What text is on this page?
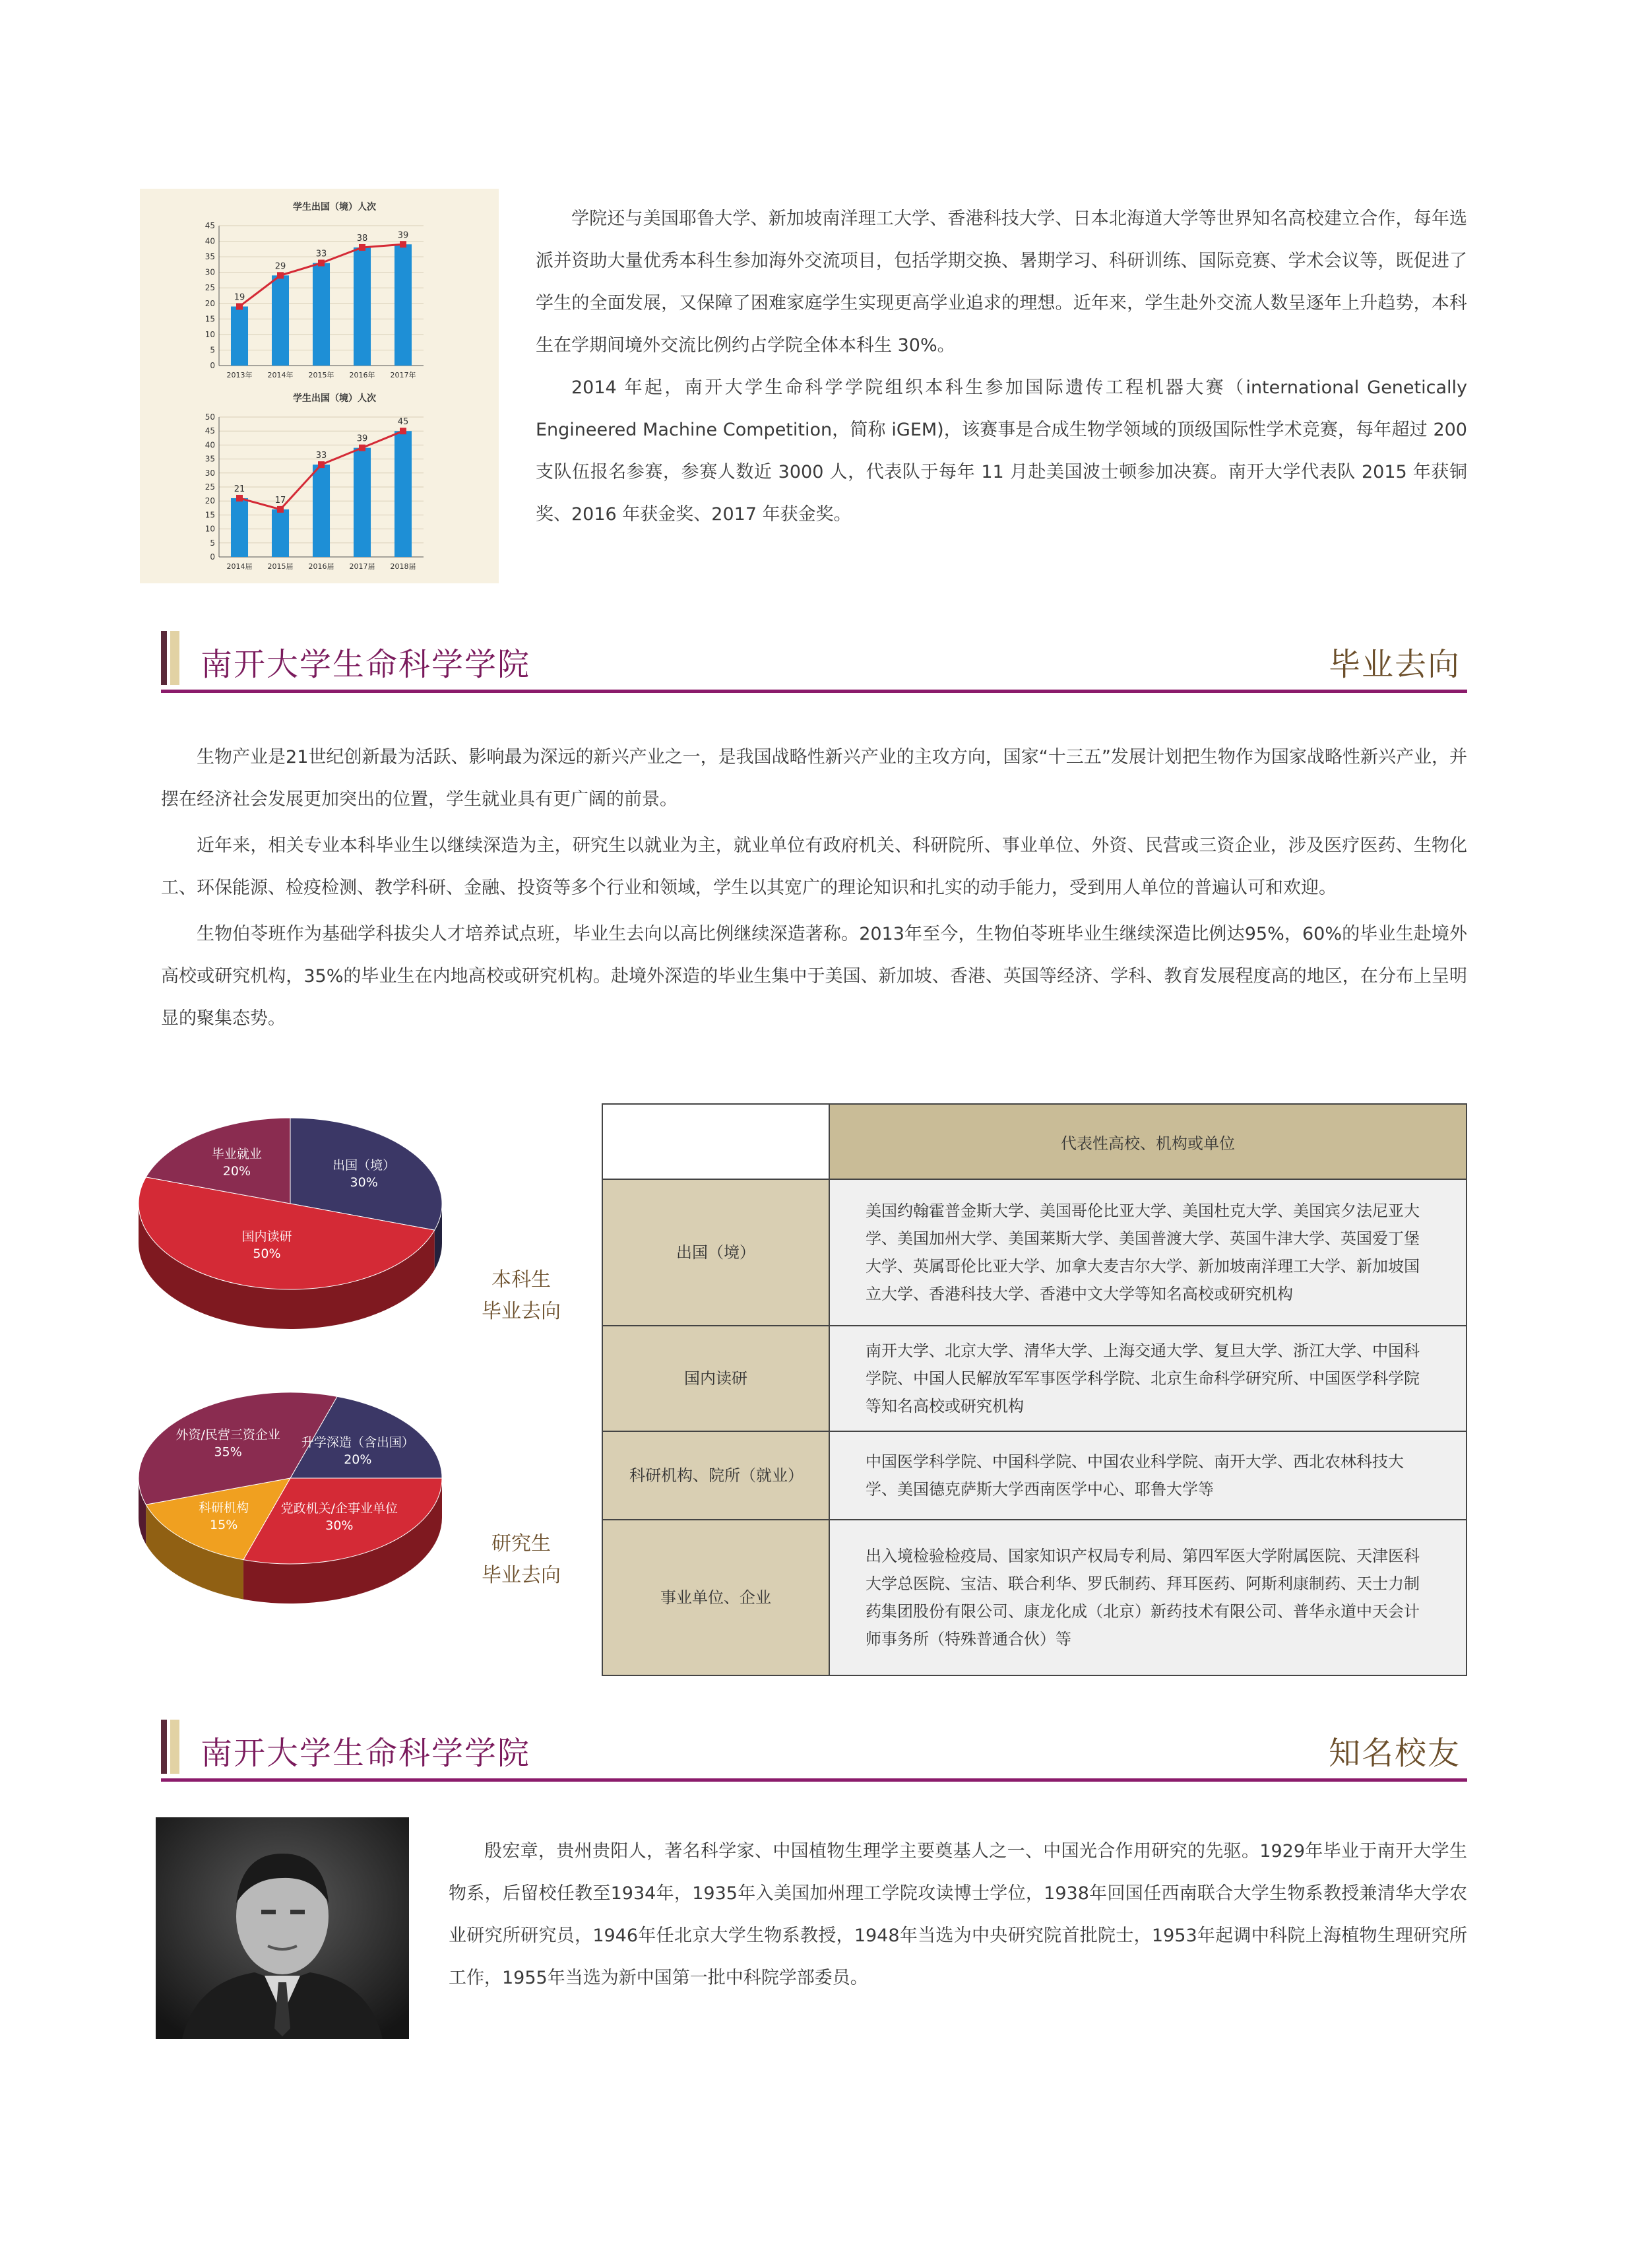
学生出国（境）人次
0
5
10
15
20
25
30
35
40
45
2013年
19
2014年
29
2015年
33
2016年
38
2017年
39
学生出国（境）人次
0
5
10
15
20
25
30
35
40
45
50
2014届
21
2015届
17
2016届
33
2017届
39
2018届
45

学院还与美国耶鲁大学、新加坡南洋理工大学、香港科技大学、日本北海道大学等世界知名高校建立合作，每年选派并资助大量优秀本科生参加海外交流项目，包括学期交换、暑期学习、科研训练、国际竞赛、学术会议等，既促进了学生的全面发展，又保障了困难家庭学生实现更高学业追求的理想。近年来，学生赴外交流人数呈逐年上升趋势，本科生在学期间境外交流比例约占学院全体本科生 30%。

2014 年起，南开大学生命科学学院组织本科生参加国际遗传工程机器大赛（international Genetically Engineered Machine Competition，简称 iGEM)，该赛事是合成生物学领域的顶级国际性学术竞赛，每年超过 200 支队伍报名参赛，参赛人数近 3000 人，代表队于每年 11 月赴美国波士顿参加决赛。南开大学代表队 2015 年获铜奖、2016 年获金奖、2017 年获金奖。

南开大学生命科学学院	毕业去向

生物产业是21世纪创新最为活跃、影响最为深远的新兴产业之一，是我国战略性新兴产业的主攻方向，国家“十三五”发展计划把生物作为国家战略性新兴产业，并摆在经济社会发展更加突出的位置，学生就业具有更广阔的前景。

近年来，相关专业本科毕业生以继续深造为主，研究生以就业为主，就业单位有政府机关、科研院所、事业单位、外资、民营或三资企业，涉及医疗医药、生物化工、环保能源、检疫检测、教学科研、金融、投资等多个行业和领域，学生以其宽广的理论知识和扎实的动手能力，受到用人单位的普遍认可和欢迎。

生物伯苓班作为基础学科拔尖人才培养试点班，毕业生去向以高比例继续深造著称。2013年至今，生物伯苓班毕业生继续深造比例达95%，60%的毕业生赴境外高校或研究机构，35%的毕业生在内地高校或研究机构。赴境外深造的毕业生集中于美国、新加坡、香港、英国等经济、学科、教育发展程度高的地区，在分布上呈明显的聚集态势。

出国（境）
30%
国内读研
50%
毕业就业
20%
本科生
毕业去向
升学深造（含出国）
20%
党政机关/企事业单位
30%
科研机构
15%
外资/民营三资企业
35%
研究生
毕业去向
	代表性高校、机构或单位
出国（境）	美国约翰霍普金斯大学、美国哥伦比亚大学、美国杜克大学、美国宾夕法尼亚大学、美国加州大学、美国莱斯大学、美国普渡大学、英国牛津大学、英国爱丁堡大学、英属哥伦比亚大学、加拿大麦吉尔大学、新加坡南洋理工大学、新加坡国立大学、香港科技大学、香港中文大学等知名高校或研究机构
国内读研	南开大学、北京大学、清华大学、上海交通大学、复旦大学、浙江大学、中国科学院、中国人民解放军军事医学科学院、北京生命科学研究所、中国医学科学院等知名高校或研究机构
科研机构、院所（就业）	中国医学科学院、中国科学院、中国农业科学院、南开大学、西北农林科技大学、美国德克萨斯大学西南医学中心、耶鲁大学等
事业单位、企业	出入境检验检疫局、国家知识产权局专利局、第四军医大学附属医院、天津医科大学总医院、宝洁、联合利华、罗氏制药、拜耳医药、阿斯利康制药、天士力制药集团股份有限公司、康龙化成（北京）新药技术有限公司、普华永道中天会计师事务所（特殊普通合伙）等
南开大学生命科学学院	知名校友

殷宏章，贵州贵阳人，著名科学家、中国植物生理学主要奠基人之一、中国光合作用研究的先驱。1929年毕业于南开大学生物系，后留校任教至1934年，1935年入美国加州理工学院攻读博士学位，1938年回国任西南联合大学生物系教授兼清华大学农业研究所研究员，1946年任北京大学生物系教授，1948年当选为中央研究院首批院士，1953年起调中科院上海植物生理研究所工作，1955年当选为新中国第一批中科院学部委员。
